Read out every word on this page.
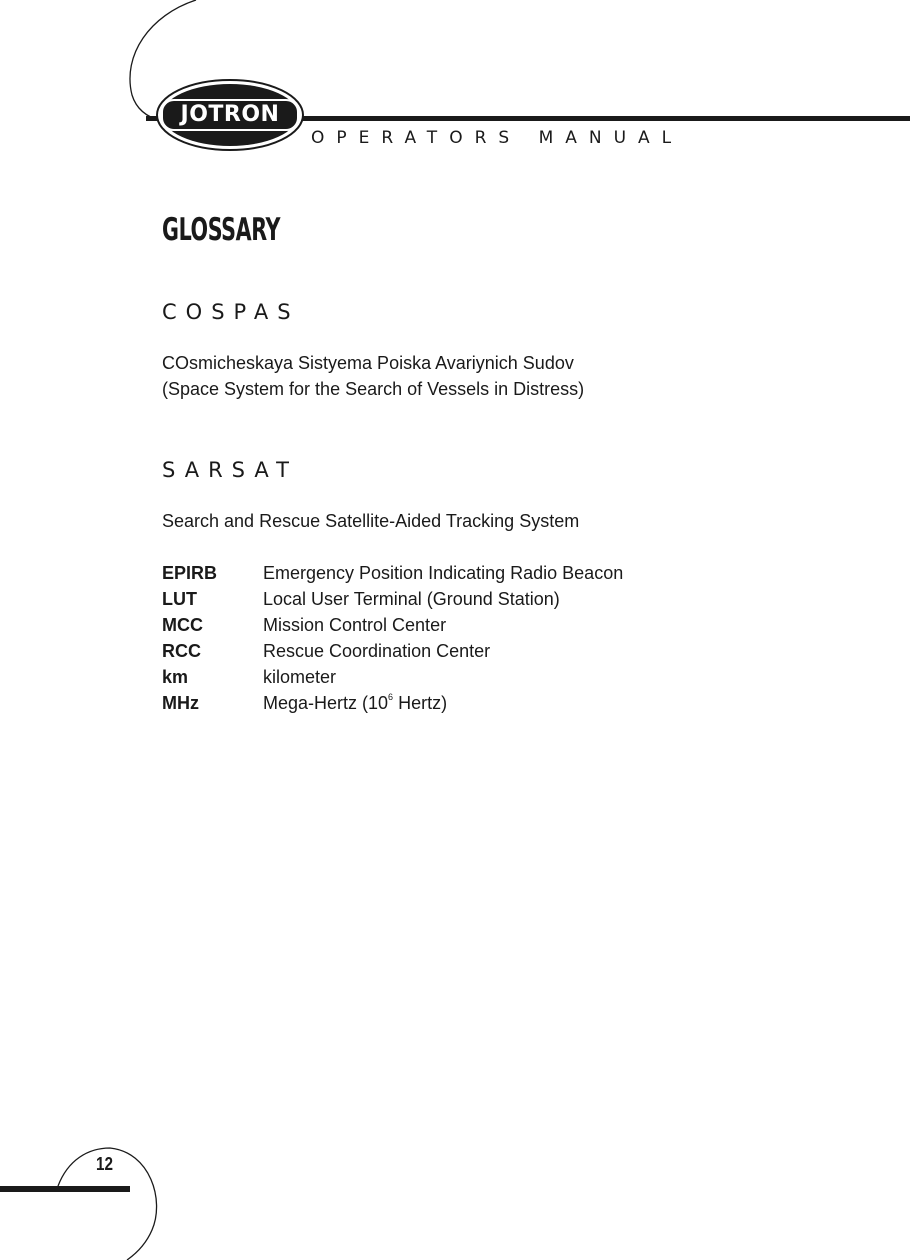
JOTRON
OPERATORS MANUAL
GLOSSARY
COSPAS

COsmicheskaya Sistyema Poiska Avariynich Sudov
(Space System for the Search of Vessels in Distress)

SARSAT

Search and Rescue Satellite-Aided Tracking System

EPIRB	Emergency Position Indicating Radio Beacon
LUT	Local User Terminal (Ground Station)
MCC	Mission Control Center
RCC	Rescue Coordination Center
km	kilometer
MHz	Mega-Hertz ($10^6$ Hertz)
12
